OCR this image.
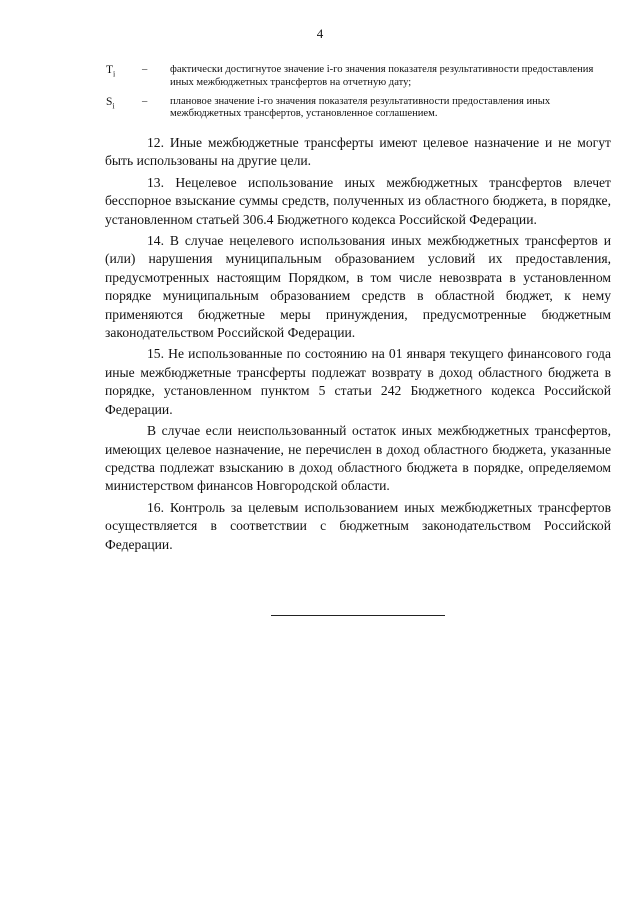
4
$T_i$	–	фактически достигнутое значение i-го значения показателя результативности предоставления иных межбюджетных трансфертов на отчетную дату;
$S_i$	–	плановое значение i-го значения показателя результативности предоставления иных межбюджетных трансфертов, установленное соглашением.

12. Иные межбюджетные трансферты имеют целевое назначение и не могут быть использованы на другие цели.

13. Нецелевое использование иных межбюджетных трансфертов влечет бесспорное взыскание суммы средств, полученных из областного бюджета, в порядке, установленном статьей 306.4 Бюджетного кодекса Российской Федерации.

14. В случае нецелевого использования иных межбюджетных трансфертов и (или) нарушения муниципальным образованием условий их предоставления, предусмотренных настоящим Порядком, в том числе невозврата в установленном порядке муниципальным образованием средств в областной бюджет, к нему применяются бюджетные меры принуждения, предусмотренные бюджетным законодательством Российской Федерации.

15. Не использованные по состоянию на 01 января текущего финансового года иные межбюджетные трансферты подлежат возврату в доход областного бюджета в порядке, установленном пунктом 5 статьи 242 Бюджетного кодекса Российской Федерации.

В случае если неиспользованный остаток иных межбюджетных трансфертов, имеющих целевое назначение, не перечислен в доход областного бюджета, указанные средства подлежат взысканию в доход областного бюджета в порядке, определяемом министерством финансов Новгородской области.

16. Контроль за целевым использованием иных межбюджетных трансфертов осуществляется в соответствии с бюджетным законодательством Российской Федерации.
